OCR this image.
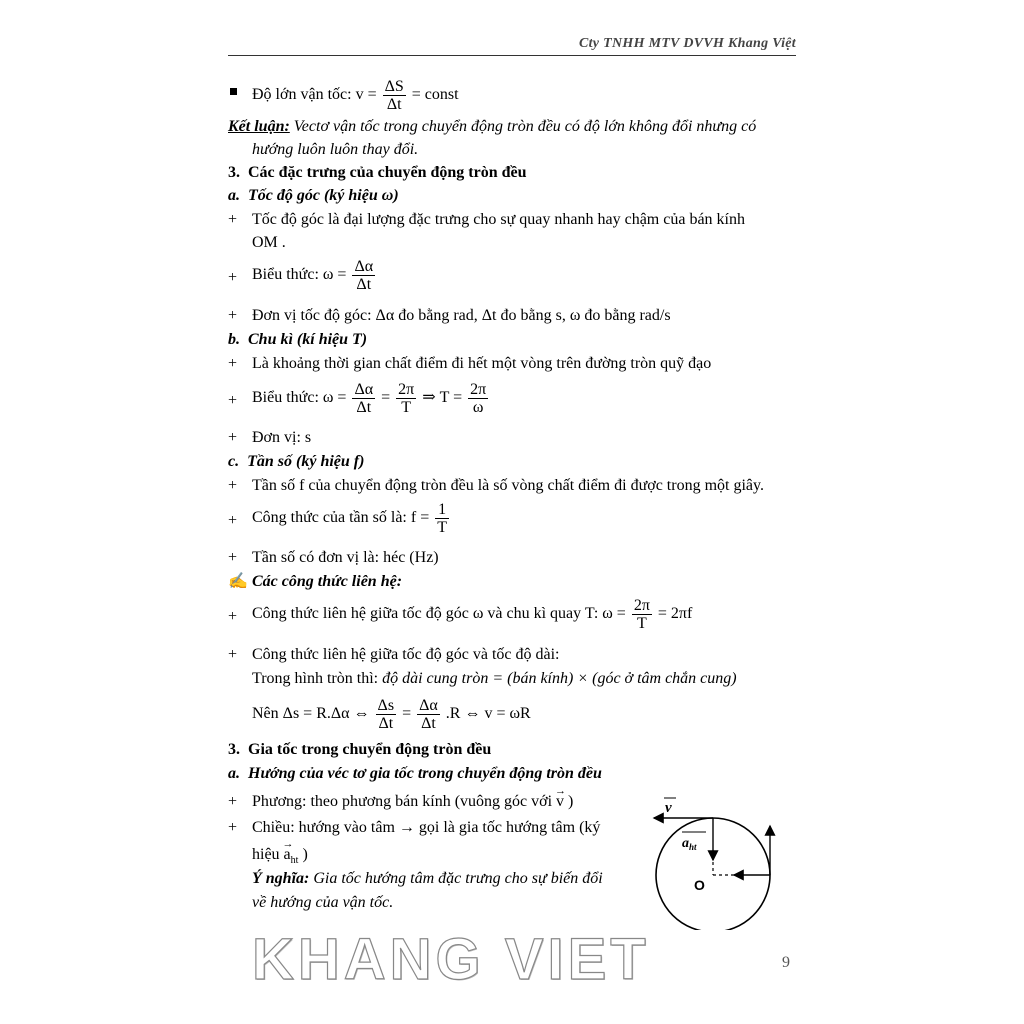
Cty TNHH MTV DVVH Khang Việt
Độ lớn vận tốc: $v = \frac{\Delta S}{\Delta t}$ = const
Kết luận: Vectơ vận tốc trong chuyển động tròn đều có độ lớn không đổi nhưng có
hướng luôn luôn thay đổi.
3. Các đặc trưng của chuyển động tròn đều
a. Tốc độ góc (ký hiệu ω)
+ Tốc độ góc là đại lượng đặc trưng cho sự quay nhanh hay chậm của bán kính
OM .
+ Biểu thức: $\omega = \frac{\Delta\alpha}{\Delta t}$
+ Đơn vị tốc độ góc: Δα đo bằng rad, Δt đo bằng s, ω đo bằng rad/s
b. Chu kì (kí hiệu T)
+ Là khoảng thời gian chất điểm đi hết một vòng trên đường tròn quỹ đạo
+ Biểu thức: $\omega = \frac{\Delta\alpha}{\Delta t} = \frac{2\pi}{T}$ ⇒ $T = \frac{2\pi}{\omega}$
+ Đơn vị: s
c. Tần số (ký hiệu f)
+ Tần số f của chuyển động tròn đều là số vòng chất điểm đi được trong một giây.
+ Công thức của tần số là: $f = \frac{1}{T}$
+ Tần số có đơn vị là: héc (Hz)
✍ Các công thức liên hệ:
+ Công thức liên hệ giữa tốc độ góc ω và chu kì quay T: $\omega = \frac{2\pi}{T} = 2\pi f$
+ Công thức liên hệ giữa tốc độ góc và tốc độ dài:
Trong hình tròn thì: độ dài cung tròn = (bán kính) × (góc ở tâm chắn cung)
Nên Δs = R.Δα ⇔ $\frac{\Delta s}{\Delta t} = \frac{\Delta\alpha}{\Delta t} .R$ ⇔ v = ωR
3. Gia tốc trong chuyển động tròn đều
a. Hướng của véc tơ gia tốc trong chuyển động tròn đều
+ Phương: theo phương bán kính (vuông góc với → v )
+ Chiều: hướng vào tâm → gọi là gia tốc hướng tâm (ký
hiệu → $a_{ht}$ )
Ý nghĩa: Gia tốc hướng tâm đặc trưng cho sự biến đổi
về hướng của vận tốc.
v
$a_{ht}$
O
KHANG VIET	9
